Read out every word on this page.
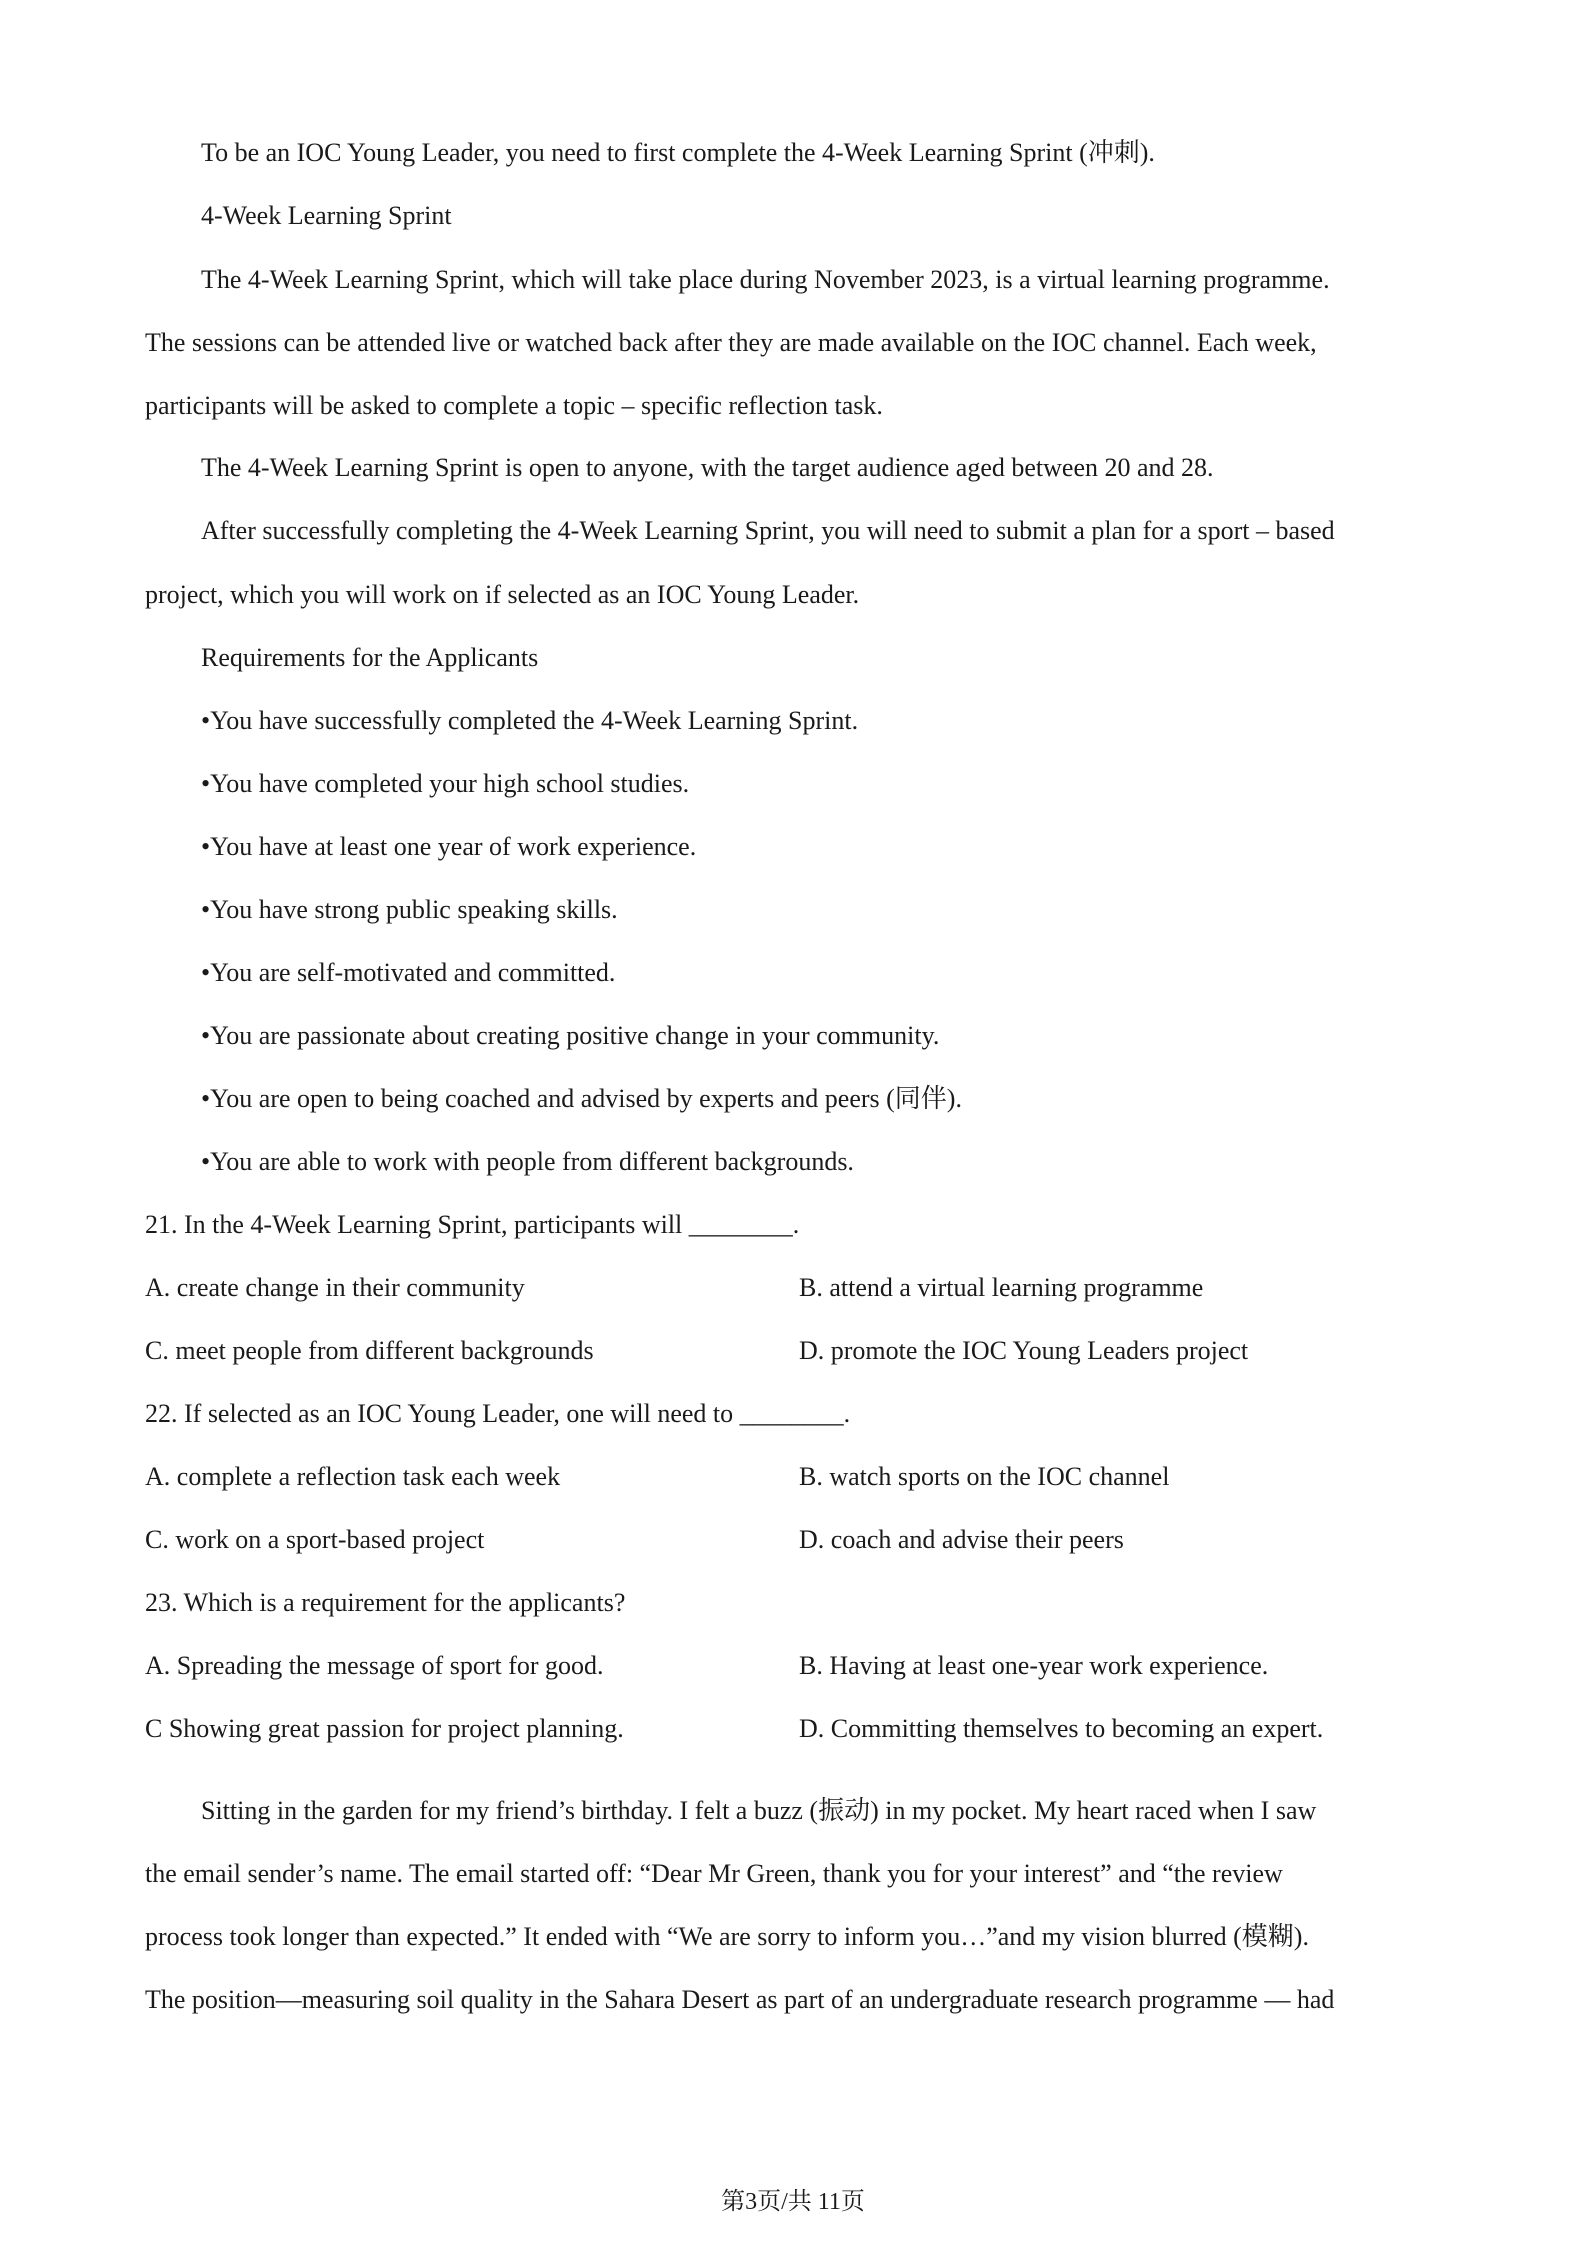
To be an IOC Young Leader, you need to first complete the 4-Week Learning Sprint (冲刺).
4-Week Learning Sprint
The 4-Week Learning Sprint, which will take place during November 2023, is a virtual learning programme.
The sessions can be attended live or watched back after they are made available on the IOC channel. Each week,
participants will be asked to complete a topic – specific reflection task.
The 4-Week Learning Sprint is open to anyone, with the target audience aged between 20 and 28.
After successfully completing the 4-Week Learning Sprint, you will need to submit a plan for a sport – based
project, which you will work on if selected as an IOC Young Leader.
Requirements for the Applicants
•You have successfully completed the 4-Week Learning Sprint.
•You have completed your high school studies.
•You have at least one year of work experience.
•You have strong public speaking skills.
•You are self-motivated and committed.
•You are passionate about creating positive change in your community.
•You are open to being coached and advised by experts and peers (同伴).
•You are able to work with people from different backgrounds.
21. In the 4-Week Learning Sprint, participants will ________.
A. create change in their community	B. attend a virtual learning programme
C. meet people from different backgrounds	D. promote the IOC Young Leaders project
22. If selected as an IOC Young Leader, one will need to ________.
A. complete a reflection task each week	B. watch sports on the IOC channel
C. work on a sport-based project	D. coach and advise their peers
23. Which is a requirement for the applicants?
A. Spreading the message of sport for good.	B. Having at least one-year work experience.
C Showing great passion for project planning.	D. Committing themselves to becoming an expert.
Sitting in the garden for my friend’s birthday. I felt a buzz (振动) in my pocket. My heart raced when I saw
the email sender’s name. The email started off: “Dear Mr Green, thank you for your interest” and “the review
process took longer than expected.” It ended with “We are sorry to inform you…”and my vision blurred (模糊).
The position—measuring soil quality in the Sahara Desert as part of an undergraduate research programme — had
第3页/共 11页
